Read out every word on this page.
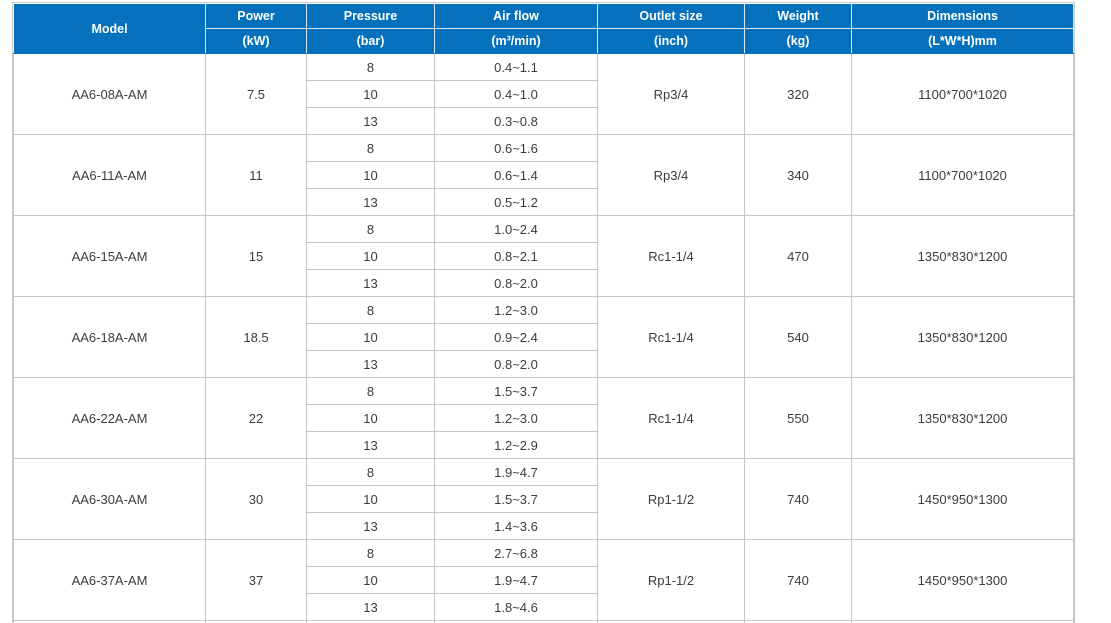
Model	Power	Pressure	Air flow	Outlet size	Weight	Dimensions
	(kW)	(bar)	(m³/min)	(inch)	(kg)	(L*W*H)mm
AA6-08A-AM	7.5	8	0.4~1.1	Rp3/4	320	1100*700*1020
		10	0.4~1.0			
		13	0.3~0.8			
AA6-11A-AM	11	8	0.6~1.6	Rp3/4	340	1100*700*1020
		10	0.6~1.4			
		13	0.5~1.2			
AA6-15A-AM	15	8	1.0~2.4	Rc1-1/4	470	1350*830*1200
		10	0.8~2.1			
		13	0.8~2.0			
AA6-18A-AM	18.5	8	1.2~3.0	Rc1-1/4	540	1350*830*1200
		10	0.9~2.4			
		13	0.8~2.0			
AA6-22A-AM	22	8	1.5~3.7	Rc1-1/4	550	1350*830*1200
		10	1.2~3.0			
		13	1.2~2.9			
AA6-30A-AM	30	8	1.9~4.7	Rp1-1/2	740	1450*950*1300
		10	1.5~3.7			
		13	1.4~3.6			
AA6-37A-AM	37	8	2.7~6.8	Rp1-1/2	740	1450*950*1300
		10	1.9~4.7			
		13	1.8~4.6			
